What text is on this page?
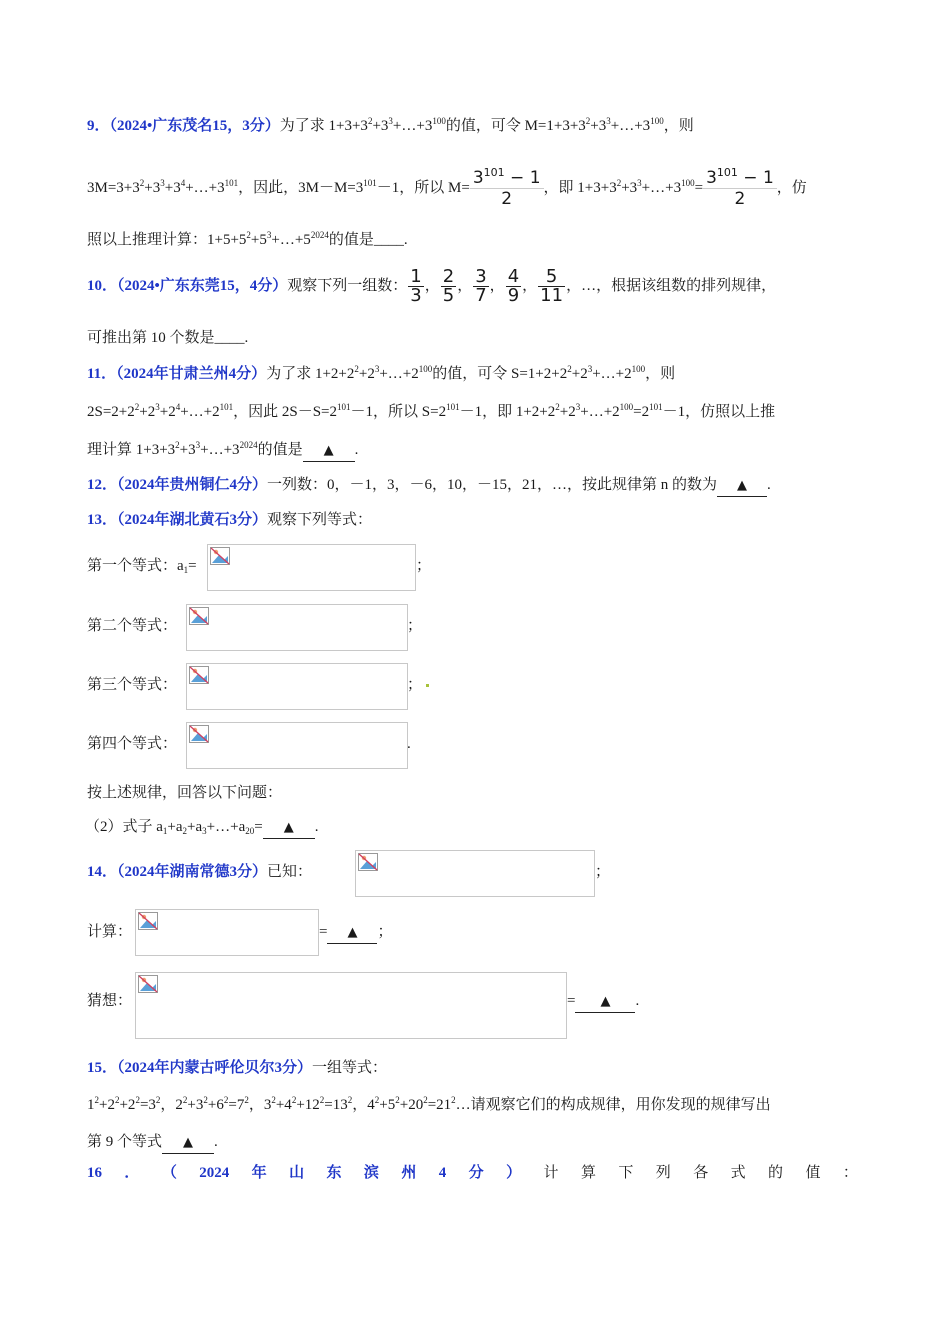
9．（2024•广东茂名15，3分）为了求 $1+3+3^2+3^3+\dots+3^{100}$的值，可令 $M=1+3+3^2+3^3+\dots+3^{100}$，则
$3M=3+3^2+3^3+3^4+\dots+3^{101}$，因此，$3M-M=3^{101}-1$，所以 $M= \frac{3^{101} - 1}{2}$ ，即 $1+3+3^2+3^3+\dots+3^{100}= \frac{3^{101} - 1}{2}$ ，仿
照以上推理计算：$1+5+5^2+5^3+\dots+5^{2024}$的值是____.
10．（2024•广东东莞15，4分）观察下列一组数： $\frac{1}{3}$ ， $\frac{2}{5}$ ， $\frac{3}{7}$ ， $\frac{4}{9}$ ， $\frac{5}{11}$ ，…，根据该组数的排列规律，
可推出第 10 个数是____.
11．（2024年甘肃兰州4分）为了求 $1+2+2^2+2^3+\dots+2^{100}$的值，可令 $S=1+2+2^2+2^3+\dots+2^{100}$，则
$2S=2+2^2+2^3+2^4+\dots+2^{101}$，因此 $2S-S=2^{101}-1$，所以 $S=2^{101}-1$，即 $1+2+2^2+2^3+\dots+2^{100}=2^{101}-1$，仿照以上推
理计算 $1+3+3^2+3^3+\dots+3^{2024}$的值是 ▲ .
12．（2024年贵州铜仁4分）一列数：0，－1，3，－6，10，－15，21，…，按此规律第 n 的数为 ▲ .
13．（2024年湖北黄石3分）观察下列等式：
第一个等式：$a_1=$	；
第二个等式：	；
第三个等式：	；
第四个等式：	.
按上述规律，回答以下问题：
（2）式子 $a_1+a_2+a_3+\dots+a_{20}=$ ▲ .
14．（2024年湖南常德3分）已知：	；
计算：	= ▲ ；
猜想：	= ▲ .
15．（2024年内蒙古呼伦贝尔3分）一组等式：
$1^2+2^2+2^2=3^2$，$2^2+3^2+6^2=7^2$，$3^2+4^2+12^2=13^2$，$4^2+5^2+20^2=21^2\dots$请观察它们的构成规律，用你发现的规律写出
第 9 个等式 ▲ .
16 ． （ 2024 年 山 东 滨 州 4 分 ） 计 算 下 列 各 式 的 值 ：
